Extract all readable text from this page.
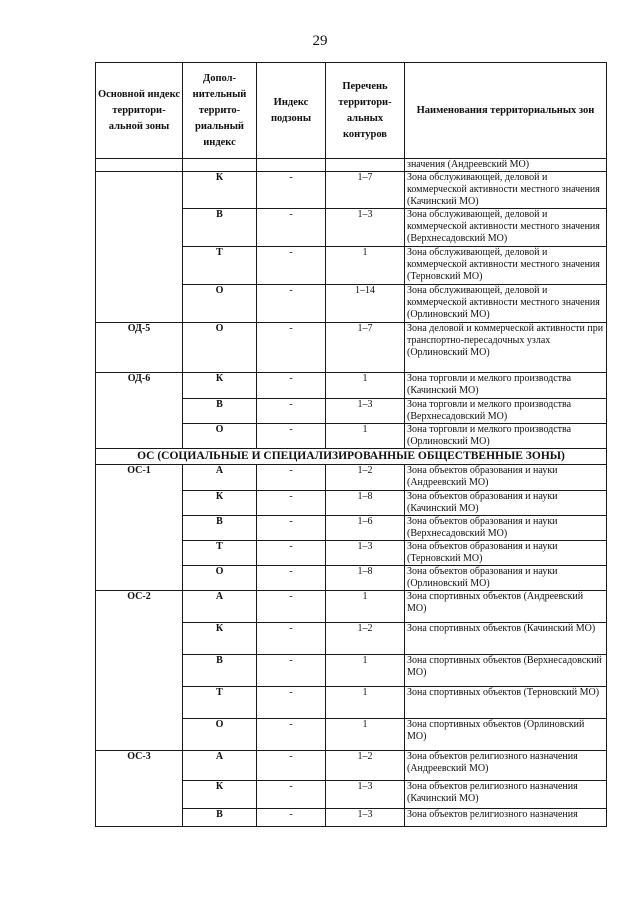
29
Основной индекс территори-альной зоны	Допол-нительный террито-риальный индекс	Индекс подзоны	Перечень территори-альных контуров	Наименования территориальных зон
				значения (Андреевский МО)
	К	-	1–7	Зона обслуживающей, деловой и коммерческой активности местного значения (Качинский МО)
	В	-	1–3	Зона обслуживающей, деловой и коммерческой активности местного значения (Верхнесадовский МО)
	Т	-	1	Зона обслуживающей, деловой и коммерческой активности местного значения (Терновский МО)
	О	-	1–14	Зона обслуживающей, деловой и коммерческой активности местного значения (Орлиновский МО)
ОД-5	О	-	1–7	Зона деловой и коммерческой активности при транспортно-пересадочных узлах (Орлиновский МО)
ОД-6	К	-	1	Зона торговли и мелкого производства (Качинский МО)
	В	-	1–3	Зона торговли и мелкого производства (Верхнесадовский МО)
	О	-	1	Зона торговли и мелкого производства (Орлиновский МО)
ОС (СОЦИАЛЬНЫЕ И СПЕЦИАЛИЗИРОВАННЫЕ ОБЩЕСТВЕННЫЕ ЗОНЫ)				
ОС-1	А	-	1–2	Зона объектов образования и науки (Андреевский МО)
	К	-	1–8	Зона объектов образования и науки (Качинский МО)
	В	-	1–6	Зона объектов образования и науки (Верхнесадовский МО)
	Т	-	1–3	Зона объектов образования и науки (Терновский МО)
	О	-	1–8	Зона объектов образования и науки (Орлиновский МО)
ОС-2	А	-	1	Зона спортивных объектов (Андреевский МО)
	К	-	1–2	Зона спортивных объектов (Качинский МО)
	В	-	1	Зона спортивных объектов (Верхнесадовский МО)
	Т	-	1	Зона спортивных объектов (Терновский МО)
	О	-	1	Зона спортивных объектов (Орлиновский МО)
ОС-3	А	-	1–2	Зона объектов религиозного назначения (Андреевский МО)
	К	-	1–3	Зона объектов религиозного назначения (Качинский МО)
	В	-	1–3	Зона объектов религиозного назначения
